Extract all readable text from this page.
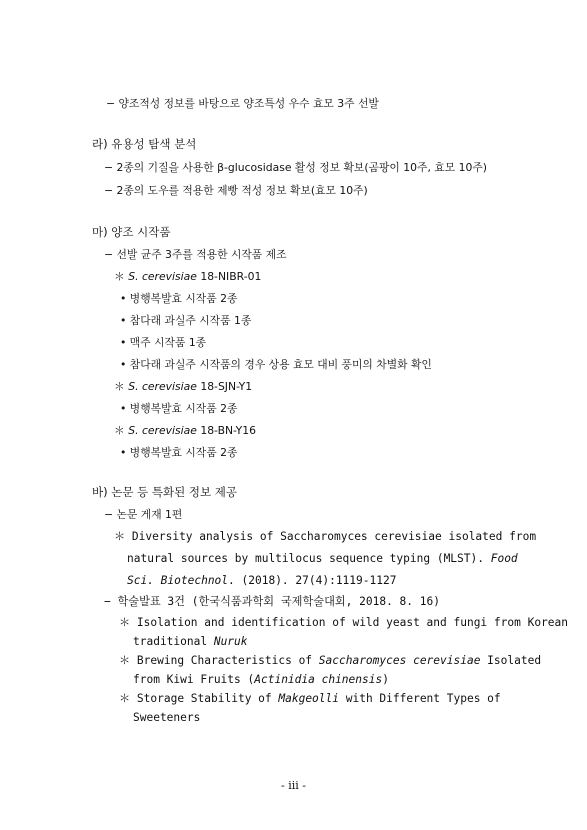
− 양조적성 정보를 바탕으로 양조특성 우수 효모 3주 선발
라) 유용성 탐색 분석
− 2종의 기질을 사용한 β-glucosidase 활성 정보 확보(곰팡이 10주, 효모 10주)
− 2종의 도우를 적용한 제빵 적성 정보 확보(효모 10주)
마) 양조 시작품
− 선발 균주 3주를 적용한 시작품 제조
＊ S. cerevisiae 18-NIBR-01
• 병행복발효 시작품 2종
• 참다래 과실주 시작품 1종
• 맥주 시작품 1종
• 참다래 과실주 시작품의 경우 상용 효모 대비 풍미의 차별화 확인
＊ S. cerevisiae 18-SJN-Y1
• 병행복발효 시작품 2종
＊ S. cerevisiae 18-BN-Y16
• 병행복발효 시작품 2종
바) 논문 등 특화된 정보 제공
− 논문 게재 1편
＊ Diversity analysis of Saccharomyces cerevisiae isolated from
natural sources by multilocus sequence typing (MLST). Food
Sci. Biotechnol. (2018). 27(4):1119-1127
− 학술발표 3건 (한국식품과학회 국제학술대회, 2018. 8. 16)
＊ Isolation and identification of wild yeast and fungi from Korean
traditional Nuruk
＊ Brewing Characteristics of Saccharomyces cerevisiae Isolated
from Kiwi Fruits (Actinidia chinensis)
＊ Storage Stability of Makgeolli with Different Types of
Sweeteners
- iii -
